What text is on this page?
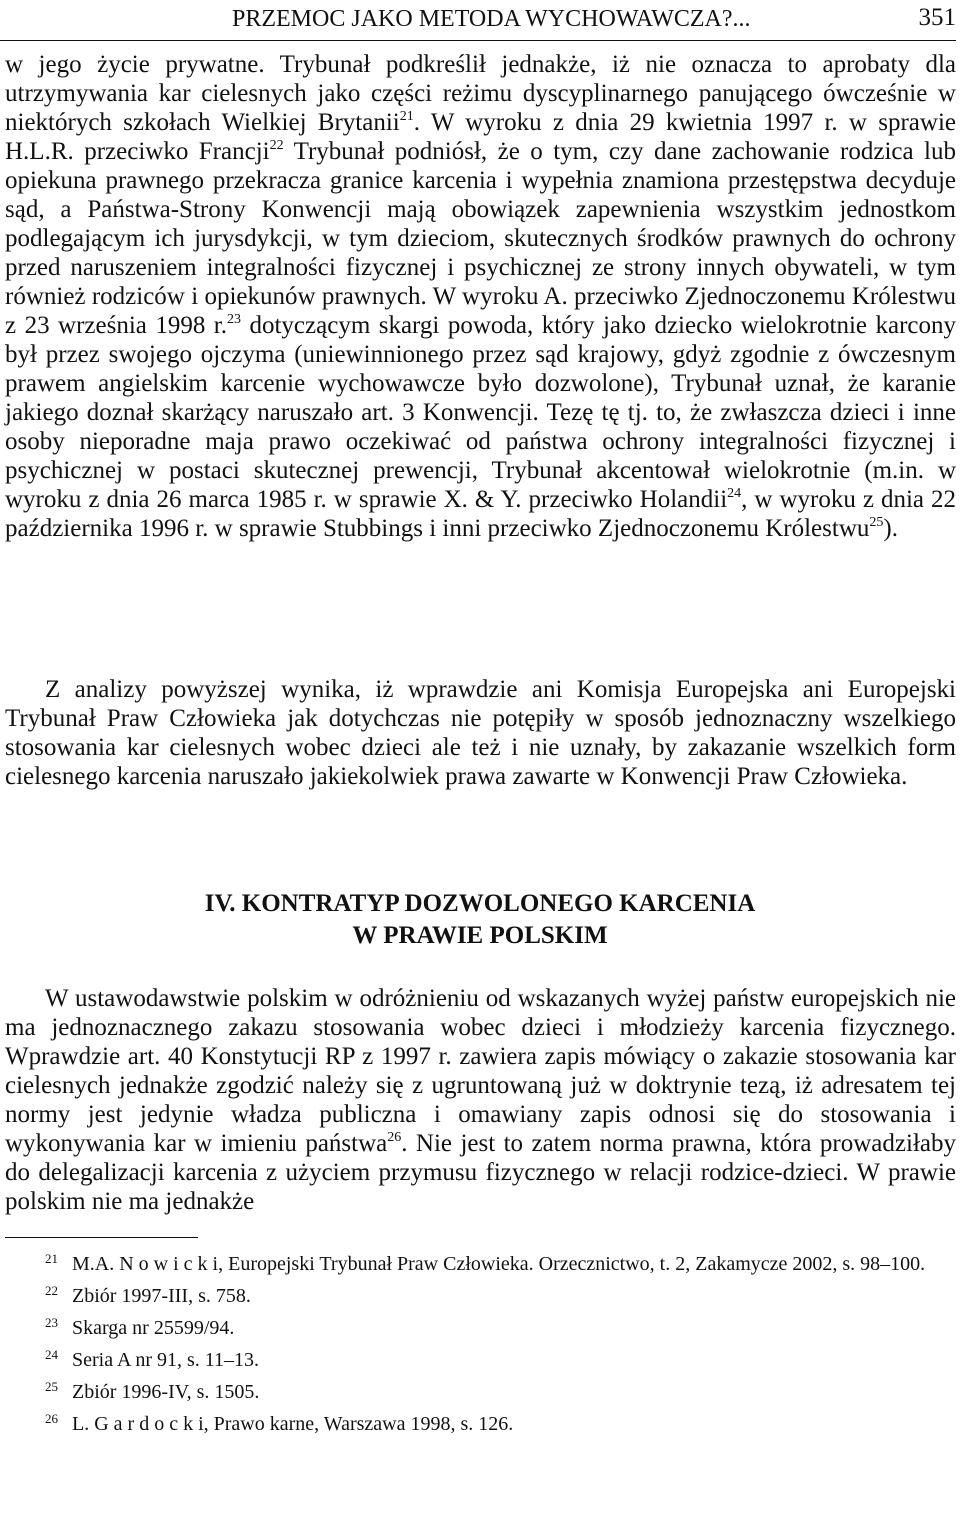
PRZEMOC JAKO METODA WYCHOWAWCZA?...	351

w jego życie prywatne. Trybunał podkreślił jednakże, iż nie oznacza to aprobaty dla utrzymywania kar cielesnych jako części reżimu dyscyplinarnego panującego ówcześnie w niektórych szkołach Wielkiej Brytanii$^{21}$. W wyroku z dnia 29 kwietnia 1997 r. w sprawie H.L.R. przeciwko Francji$^{22}$ Trybunał podniósł, że o tym, czy dane zachowanie rodzica lub opiekuna prawnego przekracza granice karcenia i wypełnia znamiona przestępstwa decyduje sąd, a Państwa-Strony Konwencji mają obowiązek zapewnienia wszystkim jednostkom podlegającym ich jurysdykcji, w tym dzieciom, skutecznych środków prawnych do ochrony przed naruszeniem integralności fizycznej i psychicznej ze strony innych obywateli, w tym również rodziców i opiekunów prawnych. W wyroku A. przeciwko Zjednoczonemu Królestwu z 23 września 1998 r.$^{23}$ dotyczącym skargi powoda, który jako dziecko wielokrotnie karcony był przez swojego ojczyma (uniewinnionego przez sąd krajowy, gdyż zgodnie z ówczesnym prawem angielskim karcenie wychowawcze było dozwolone), Trybunał uznał, że karanie jakiego doznał skarżący naruszało art. 3 Konwencji. Tezę tę tj. to, że zwłaszcza dzieci i inne osoby nieporadne maja prawo oczekiwać od państwa ochrony integralności fizycznej i psychicznej w postaci skutecznej prewencji, Trybunał akcentował wielokrotnie (m.in. w wyroku z dnia 26 marca 1985 r. w sprawie X. & Y. przeciwko Holandii$^{24}$, w wyroku z dnia 22 października 1996 r. w sprawie Stubbings i inni przeciwko Zjednoczonemu Królestwu$^{25}$).

Z analizy powyższej wynika, iż wprawdzie ani Komisja Europejska ani Europejski Trybunał Praw Człowieka jak dotychczas nie potępiły w sposób jednoznaczny wszelkiego stosowania kar cielesnych wobec dzieci ale też i nie uznały, by zakazanie wszelkich form cielesnego karcenia naruszało jakiekolwiek prawa zawarte w Konwencji Praw Człowieka.

IV. KONTRATYP DOZWOLONEGO KARCENIA
W PRAWIE POLSKIM

W ustawodawstwie polskim w odróżnieniu od wskazanych wyżej państw europejskich nie ma jednoznacznego zakazu stosowania wobec dzieci i młodzieży karcenia fizycznego. Wprawdzie art. 40 Konstytucji RP z 1997 r. zawiera zapis mówiący o zakazie stosowania kar cielesnych jednakże zgodzić należy się z ugruntowaną już w doktrynie tezą, iż adresatem tej normy jest jedynie władza publiczna i omawiany zapis odnosi się do stosowania i wykonywania kar w imieniu państwa$^{26}$. Nie jest to zatem norma prawna, która prowadziłaby do delegalizacji karcenia z użyciem przymusu fizycznego w relacji rodzice-dzieci. W prawie polskim nie ma jednakże

$^{21}$ M.A. N o w i c k i, Europejski Trybunał Praw Człowieka. Orzecznictwo, t. 2, Zakamycze 2002, s. 98–100.

$^{22}$ Zbiór 1997-III, s. 758.

$^{23}$ Skarga nr 25599/94.

$^{24}$ Seria A nr 91, s. 11–13.

$^{25}$ Zbiór 1996-IV, s. 1505.

$^{26}$ L. G a r d o c k i, Prawo karne, Warszawa 1998, s. 126.
